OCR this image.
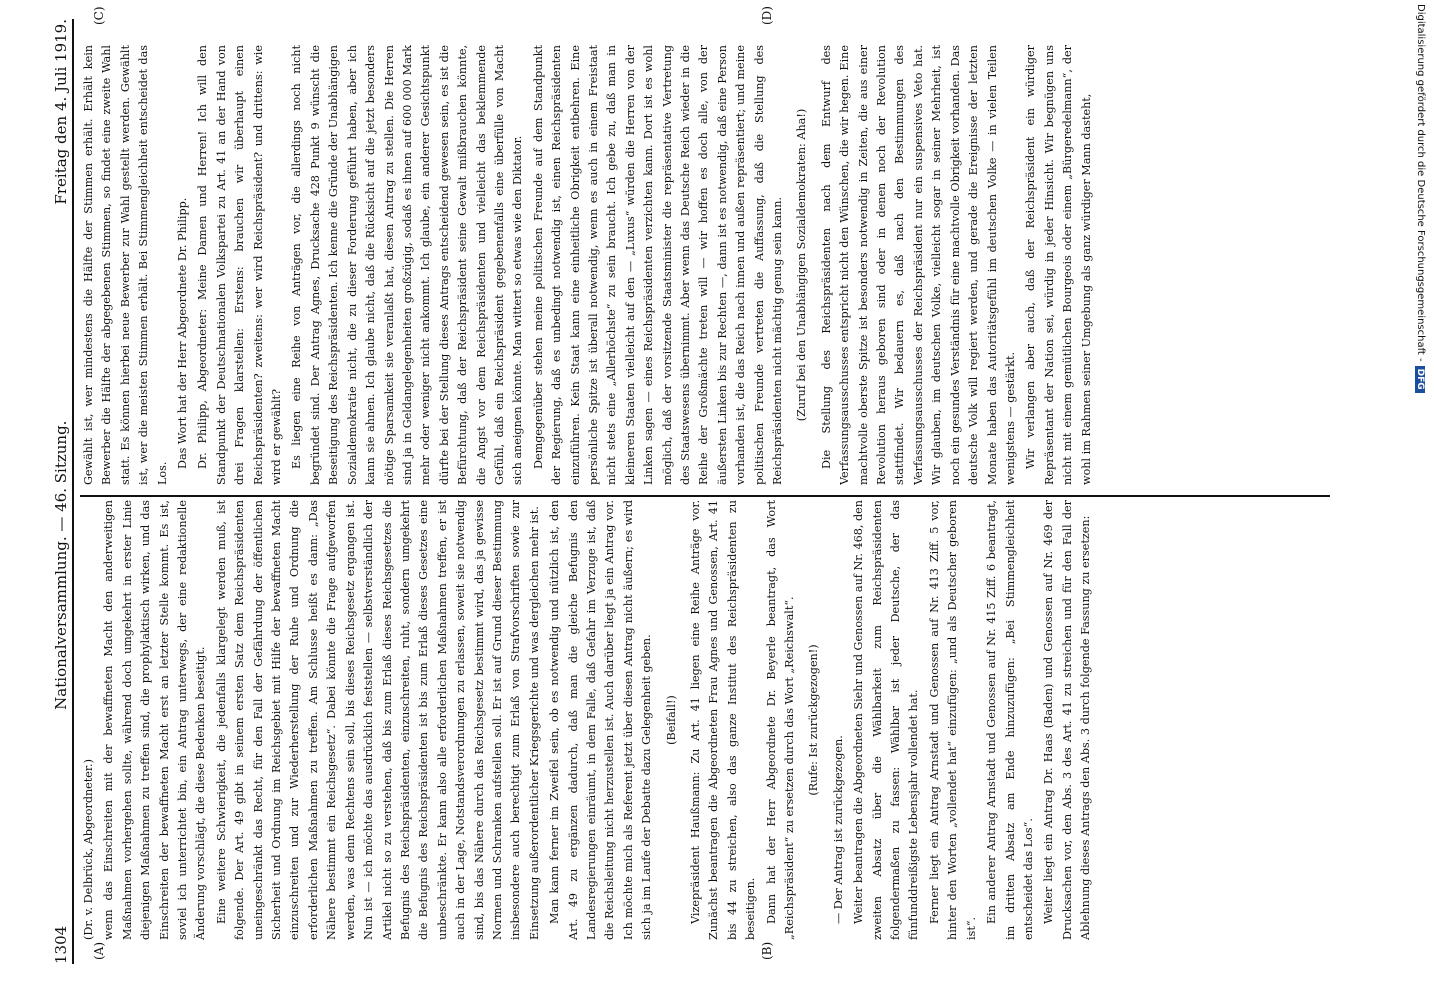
1304
Nationalversammlung. — 46. Sitzung.
Freitag den 4. Juli 1919.
(A)	(B)
(C)	(D)

(Dr. v. Delbrück, Abgeordneter.) wenn das Einschreiten mit der bewaffneten Macht den anderweitigen Maßnahmen vorhergehen sollte, während doch umgekehrt in erster Linie diejenigen Maßnahmen zu treffen sind, die prophylaktisch wirken, und das Einschreiten der bewaffneten Macht erst an letzter Stelle kommt. Es ist, soviel ich unterrichtet bin, ein Antrag unterwegs, der eine redaktionelle Änderung vorschlägt, die diese Bedenken beseitigt. Eine weitere Schwierigkeit, die jedenfalls klargelegt werden muß, ist folgende. Der Art. 49 gibt in seinem ersten Satz dem Reichspräsidenten uneingeschränkt das Recht, für den Fall der Gefährdung der öffentlichen Sicherheit und Ordnung im Reichsgebiet mit Hilfe der bewaffneten Macht einzuschreiten und zur Wiederherstellung der Ruhe und Ordnung die erforderlichen Maßnahmen zu treffen. Am Schlusse heißt es dann: „Das Nähere bestimmt ein Reichsgesetz“. Dabei könnte die Frage aufgeworfen werden, was denn Rechtens sein soll, bis dieses Reichsgesetz ergangen ist. Nun ist — ich möchte das ausdrücklich feststellen — selbstverständlich der Artikel nicht so zu verstehen, daß bis zum Erlaß dieses Reichsgesetzes die Befugnis des Reichspräsidenten, einzuschreiten, ruht, sondern umgekehrt die Befugnis des Reichspräsidenten ist bis zum Erlaß dieses Gesetzes eine unbeschränkte. Er kann also alle erforderlichen Maßnahmen treffen, er ist auch in der Lage, Notstandsverordnungen zu erlassen, soweit sie notwendig sind, bis das Nähere durch das Reichsgesetz bestimmt wird, das ja gewisse Normen und Schranken aufstellen soll. Er ist auf Grund dieser Bestimmung insbesondere auch berechtigt zum Erlaß von Strafvorschriften sowie zur Einsetzung außerordentlicher Kriegsgerichte und was dergleichen mehr ist. Man kann ferner im Zweifel sein, ob es notwendig und nützlich ist, den Art. 49 zu ergänzen dadurch, daß man die gleiche Befugnis den Landesregierungen einräumt, in dem Falle, daß Gefahr im Verzuge ist, daß die Reichsleitung nicht herzustellen ist. Auch darüber liegt ja ein Antrag vor. Ich möchte mich als Referent jetzt über diesen Antrag nicht äußern; es wird sich ja im Laufe der Debatte dazu Gelegenheit geben.	(Beifall!)	Vizepräsident Haußmann: Zu Art. 41 liegen eine Reihe Anträge vor. Zunächst beantragen die Abgeordneten Frau Agnes und Genossen, Art. 41 bis 44 zu streichen, also das ganze Institut des Reichspräsidenten zu beseitigen. Dann hat der Herr Abgeordnete Dr. Beyerle beantragt, das Wort „Reichspräsident“ zu ersetzen durch das Wort „Reichswalt“.	(Rufe: Ist zurückgezogen!)

— Der Antrag ist zurückgezogen. Weiter beantragen die Abgeordneten Siehr und Genossen auf Nr. 468, den zweiten Absatz über die Wählbarkeit zum Reichspräsidenten folgendermaßen zu fassen: Wählbar ist jeder Deutsche, der das fünfunddreißigste Lebensjahr vollendet hat. Ferner liegt ein Antrag Arnstadt und Genossen auf Nr. 413 Ziff. 5 vor, hinter den Worten „vollendet hat“ einzufügen: „und als Deutscher geboren ist“.

Ein anderer Antrag Arnstadt und Genossen auf Nr. 415 Ziff. 6 beantragt, im dritten Absatz am Ende hinzuzufügen: „Bei Stimmengleichheit entscheidet das Los“. Weiter liegt ein Antrag Dr. Haas (Baden) und Genossen auf Nr. 469 der Drucksachen vor, den Abs. 3 des Art. 41 zu streichen und für den Fall der Ablehnung dieses Antrags den Abs. 3 durch folgende Fassung zu ersetzen:

Gewählt ist, wer mindestens die Hälfte der Stimmen erhält. Erhält kein Bewerber die Hälfte der abgegebenen Stimmen, so findet eine zweite Wahl statt. Es können hierbei neue Bewerber zur Wahl gestellt werden. Gewählt ist, wer die meisten Stimmen erhält. Bei Stimmengleichheit entscheidet das Los.

Das Wort hat der Herr Abgeordnete Dr. Philipp. Dr. Philipp, Abgeordneter: Meine Damen und Herren! Ich will den Standpunkt der Deutschnationalen Volkspartei zu Art. 41 an der Hand von drei Fragen klarstellen: Erstens: brauchen wir überhaupt einen Reichspräsidenten? zweitens: wer wird Reichspräsident? und drittens: wie wird er gewählt? Es liegen eine Reihe von Anträgen vor, die allerdings noch nicht begründet sind. Der Antrag Agnes, Drucksache 428 Punkt 9 wünscht die Beseitigung des Reichspräsidenten. Ich kenne die Gründe der Unabhängigen Sozialdemokratie nicht, die zu dieser Forderung geführt haben, aber ich kann sie ahnen. Ich glaube nicht, daß die Rücksicht auf die jetzt besonders nötige Sparsamkeit sie veranlaßt hat, diesen Antrag zu stellen. Die Herren sind ja in Geldangelegenheiten großzügig, sodaß es ihnen auf 600 000 Mark mehr oder weniger nicht ankommt. Ich glaube, ein anderer Gesichtspunkt dürfte bei der Stellung dieses Antrags entscheidend gewesen sein, es ist die Befürchtung, daß der Reichspräsident seine Gewalt mißbrauchen könnte, die Angst vor dem Reichspräsidenten und vielleicht das beklemmende Gefühl, daß ein Reichspräsident gegebenenfalls eine überfülle von Macht sich aneignen könnte. Man wittert so etwas wie den Diktator. Demgegenüber stehen meine politischen Freunde auf dem Standpunkt der Regierung, daß es unbedingt notwendig ist, einen Reichspräsidenten einzuführen. Kein Staat kann eine einheitliche Obrigkeit entbehren. Eine persönliche Spitze ist überall notwendig, wenn es auch in einem Freistaat nicht stets eine „Allerhöchste“ zu sein braucht. Ich gebe zu, daß man in kleineren Staaten vielleicht auf den — „Luxus“ würden die Herren von der Linken sagen — eines Reichspräsidenten verzichten kann. Dort ist es wohl möglich, daß der vorsitzende Staatsminister die repräsentative Vertretung des Staatswesens übernimmt. Aber wenn das Deutsche Reich wieder in die Reihe der Großmächte treten will — wir hoffen es doch alle, von der äußersten Linken bis zur Rechten —, dann ist es notwendig, daß eine Person vorhanden ist, die das Reich nach innen und außen repräsentiert; und meine politischen Freunde vertreten die Auffassung, daß die Stellung des Reichspräsidenten nicht mächtig genug sein kann.	(Zuruf bei den Unabhängigen Sozialdemokraten: Aha!)	Die Stellung des Reichspräsidenten nach dem Entwurf des Verfassungsausschusses entspricht nicht den Wünschen, die wir hegen. Eine machtvolle oberste Spitze ist besonders notwendig in Zeiten, die aus einer Revolution heraus geboren sind oder in denen noch der Revolution stattfindet. Wir bedauern es, daß nach den Bestimmungen des Verfassungsausschusses der Reichspräsident nur ein suspensives Veto hat. Wir glauben, im deutschen Volke, vielleicht sogar in seiner Mehrheit, ist noch ein gesundes Verständnis für eine machtvolle Obrigkeit vorhanden. Das deutsche Volk will regiert werden, und gerade die Ereignisse der letzten Monate haben das Autoritätsgefühl im deutschen Volke — in vielen Teilen wenigstens — gestärkt. Wir verlangen aber auch, daß der Reichspräsident ein würdiger Repräsentant der Nation sei, würdig in jeder Hinsicht. Wir begnügen uns nicht mit einem gemütlichen Bourgeois oder einem „Bürgeredelmann“, der wohl im Rahmen seiner Umgebung als ganz würdiger Mann dasteht,	Digitalisierung gefördert durch die Deutsche Forschungsgemeinschaft -DFG
